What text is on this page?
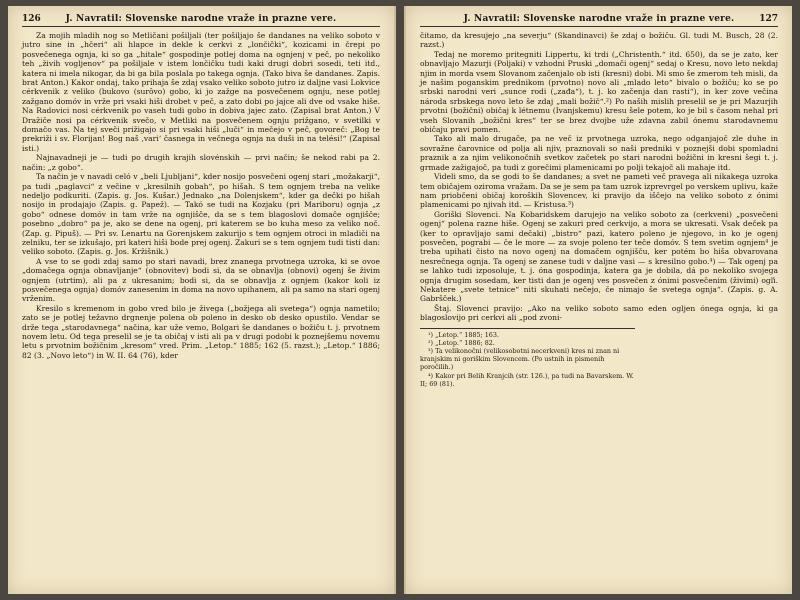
126	J. Navratil: Slovenske narodne vraže in prazne vere.

Za mojih mladih nog so Metličani pošiljali (ter pošiljajo še dandanes na veliko soboto v jutro sine in „hčeri“ ali hlapce in dekle k cerkvi z „lončički“, kozicami in črepi po posvečenega ognja, ki so ga „hitale“ gospodinje potlej doma na ognjenj v peč, po nekoliko teh „živih vogljenov“ pa pošiljale v istem lončičku tudi kaki drugi dobri sosedi, teti itd., katera ni imela nikogar, da bi ga bila poslala po takega ognja. (Tako biva še dandanes. Zapis. brat Anton.) Kakor ondaj, tako prihaja še zdaj vsako veliko soboto jutro iz daljne vasi Lokvice cérkvenik z veliko (bukovo (surôvo) gobo, ki jo zažge na posvečenem ognju, nese potlej zažgano domóv in vrže pri vsaki hiši drobet v peč, a zato dobi po jajce ali dve od vsake hiše. Na Radovici nosi cérkvenik po vaseh tudi gobo in dobiva jajec zato. (Zapisal brat Anton.) V Dražiče nosi pa cérkvenik svečo, v Metliki na posvečenem ognju prižgano, v svetilki v domačo vas. Na tej sveči prižigajo si pri vsaki hiši „luči“ in mečejo v peč, govoreč: „Bog te prekriži i sv. Florijan! Bog naš ‚vari‘ časnega in večnega ognja na duši in na telési!“ (Zapisal isti.)

Najnavadneji je — tudi po drugih krajih slovénskih — prvi način; še nekod rabi pa 2. način: „z gobo“.

Ta način je v navadi celó v „beli Ljubljani“, kder nosijo posvečeni ogenj stari „možakarji“, pa tudi „paglavci“ z večine v „kresilnih gobah“, po hišah. S tem ognjem treba na velike nedeljo podkuriti. (Zapis. g. Jos. Kušar.) Jednako „na Dolenjskem“, kder ga dečki po hišah nosijo in prodajajo (Zapis. g. Papež). — Takó se tudi na Kozjaku (pri Mariboru) ognja „z gobo“ odnese domóv in tam vrže na ognjišče, da se s tem blagoslovi domače ognjišče; posebno „dobro“ pa je, ako se dene na ogenj, pri katerem se bo kuha meso za veliko noč. (Zap. g. Pipuš). — Pri sv. Lenartu na Gorenjskem zakurijo s tem ognjem otroci in mladiči na zelniku, ter se izkušajo, pri kateri hiši bode prej ogenj. Zakuri se s tem ognjem tudi tisti dan: veliko soboto. (Zapis. g. Jos. Kržišnik.)

A vse to se godi zdaj samo po stari navadi, brez znanega prvotnega uzroka, ki se ovoe „domačega ognja obnavljanje“ (obnovitev) bodi si, da se obnavlja (obnovi) ogenj še živim ognjem (utrtim), ali pa z ukresanim; bodi si, da se obnavlja z ognjem (kakor koli iz posvečenega ognja) domóv zanesenim in doma na novo upihanem, ali pa samo na stari ogenj vrženim.

Kresilo s kremenom in gobo vred bilo je živega („božjega ali svetega“) ognja nametilo; zato se je potlej težavno drgnenje polena ob poleno in desko ob desko opustilo. Vendar se drže tega „starodavnega“ načina, kar uže vemo, Bolgari še dandanes o božiču t. j. prvotnem novem letu. Od tega preselil se je ta običaj v isti ali pa v drugi podobi k poznejšemu novemu letu s prvotnim božičnim „kresom“ vred. Prim. „Letop.“ 1885; 162 (5. razst.); „Letop.“ 1886; 82 (3. „Novo leto“) in W. II. 64 (76), kder

J. Navratil: Slovenske narodne vraže in prazne vere.	127

čitamo, da kresujejo „na severju“ (Skandinavci) še zdaj o božiču. Gl. tudi M. Busch, 28 (2. razst.)

Tedaj ne moremo pritegniti Lippertu, ki trdi („Christenth.“ itd. 650), da se je zato, ker obnavljajo Mazurji (Poljaki) v vzhodni Pruski „domači ogenj“ sedaj o Kresu, novo leto nekdaj njim in morda vsem Slovanom začenjalo ob isti (kresni) dobi. Mi smo še zmerom teh misli, da je našim poganskim prednikom (prvotno) novo ali „mlado leto“ bivalo o božiču; ko se po srbski narodni veri „sunce rodi („zađa“), t. j. ko začenja dan rasti“), in ker zove večina národa srbskega novo leto še zdaj „mali božič“.²) Po naših mislih preselil se je pri Mazurjih prvotni (božični) običaj k létnemu (Ivanjskemu) kresu šele potem, ko je bil s časom nehal pri vseh Slovanih „božični kres“ ter se brez dvojbe uže zdavna zabil ónemu starodavnemu običaju pravi pomen.

Tako ali malo drugače, pa ne več iz prvotnega uzroka, nego odganjajoč zle duhe in sovražne čarovnice od polja ali njiv, praznovali so naši predniki v poznejši dobi spomladni praznik a za njim velikonočnih svetkov začetek po stari narodni božični in kresni šegi t. j. grmade zažigajoč, pa tudi z gorečimi plamenicami po polji tekajoč ali mahaje itd.

Videli smo, da se godi to še dandanes; a svet ne pameti več pravega ali nikakega uzroka tem običajem oziroma vražam. Da se je sem pa tam uzrok izprevrgel po verskem uplivu, kaže nam priobčeni običaj koroških Slovencev, ki pravijo da iščejo na veliko soboto z ónimi plamenicami po njivah itd. — Kristusa.³)

Goriški Slovenci. Na Kobaridskem darujejo na veliko soboto za (cerkveni) „posvečeni ogenj“ polena razne hiše. Ogenj se zakuri pred cerkvijo, a mora se ukresati. Vsak deček pa (ker to opravljajo sami dečaki) „bistro“ pazi, katero poleno je njegovo, in ko je ogenj posvečen, pograbi — če le more — za svoje poleno ter teče domóv. S tem svetim ognjem⁴ je treba upihati čisto na novo ogenj na domačem ognjišču, ker potém bo hiša obvarovana nesrečnega ognja. Ta ogenj se zanese tudi v daljne vasi — s kresilno gobo.⁴) — Tak ogenj pa se lahko tudi izposoluje, t. j. óna gospodinja, katera ga je dobila, dá po nekoliko svojega ognja drugim sosedam, ker tisti dan je ogenj ves posvečen z ónimi posvečenim (živimi) ogľi. Nekatere „svete tetnice“ niti skuhati nečejo, če nimajo še svetega ognja“. (Zapis. g. A. Gabršček.)

Štaj. Slovenci pravijo: „Ako na veliko soboto samo eden ogljen ónega ognja, ki ga blagoslovijo pri cerkvi ali „pod zvoni-

¹) „Letop.“ 1885; 163.

²) „Letop.“ 1886; 82.

³) Ta velikonočni (velikosobotni necerkveni) kres ni znan ni kranjskim ni goriškim Slovencem. (Po ustnih in pismenih poročilih.)

⁴) Kakor pri Belih Kranjcih (str. 126.), pa tudi na Bavarskem. W. II; 69 (81).
